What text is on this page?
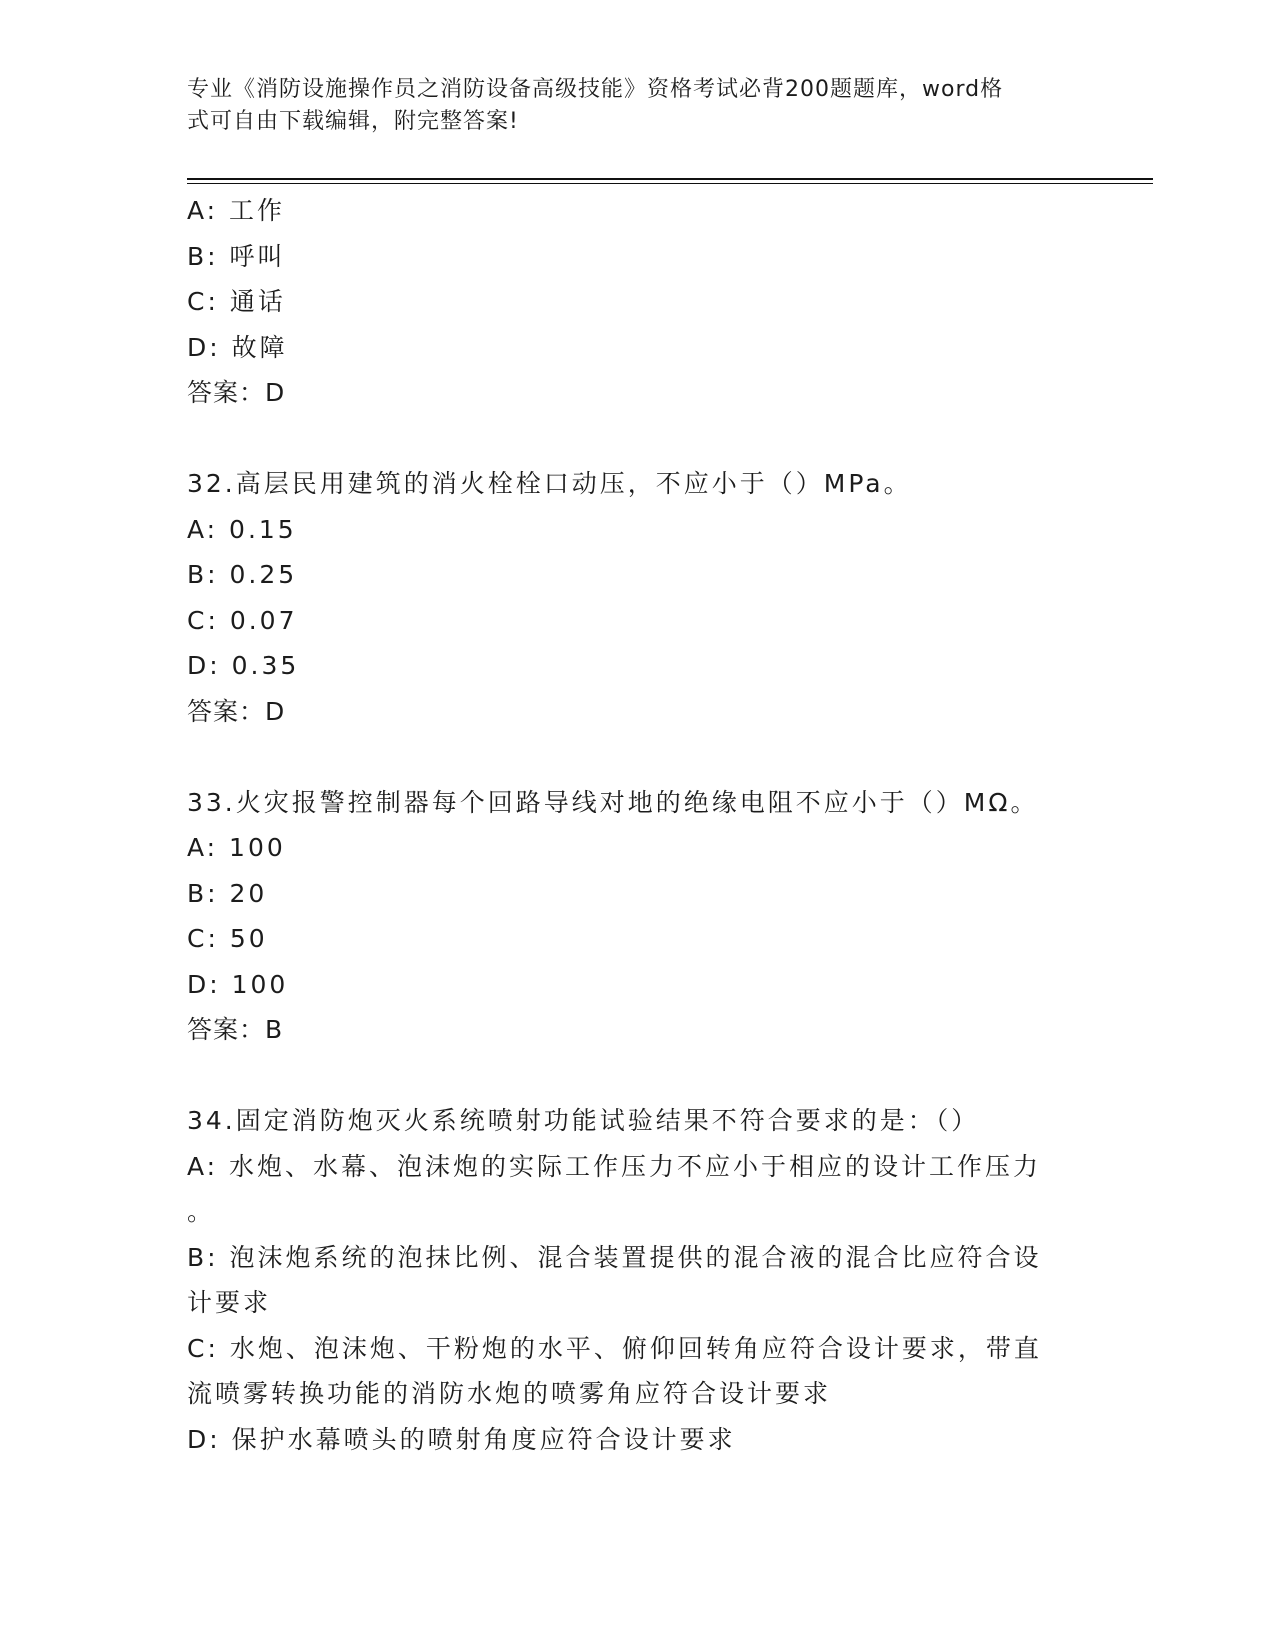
专业《消防设施操作员之消防设备高级技能》资格考试必背200题题库，word格
式可自由下载编辑，附完整答案!
A: 工作
B: 呼叫
C: 通话
D: 故障
答案：D
32.高层民用建筑的消火栓栓口动压，不应小于（）MPa。
A: 0.15
B: 0.25
C: 0.07
D: 0.35
答案：D
33.火灾报警控制器每个回路导线对地的绝缘电阻不应小于（）MΩ。
A: 100
B: 20
C: 50
D: 100
答案：B
34.固定消防炮灭火系统喷射功能试验结果不符合要求的是：（）
A: 水炮、水幕、泡沫炮的实际工作压力不应小于相应的设计工作压力
。
B: 泡沫炮系统的泡抹比例、混合装置提供的混合液的混合比应符合设
计要求
C: 水炮、泡沫炮、干粉炮的水平、俯仰回转角应符合设计要求，带直
流喷雾转换功能的消防水炮的喷雾角应符合设计要求
D: 保护水幕喷头的喷射角度应符合设计要求
